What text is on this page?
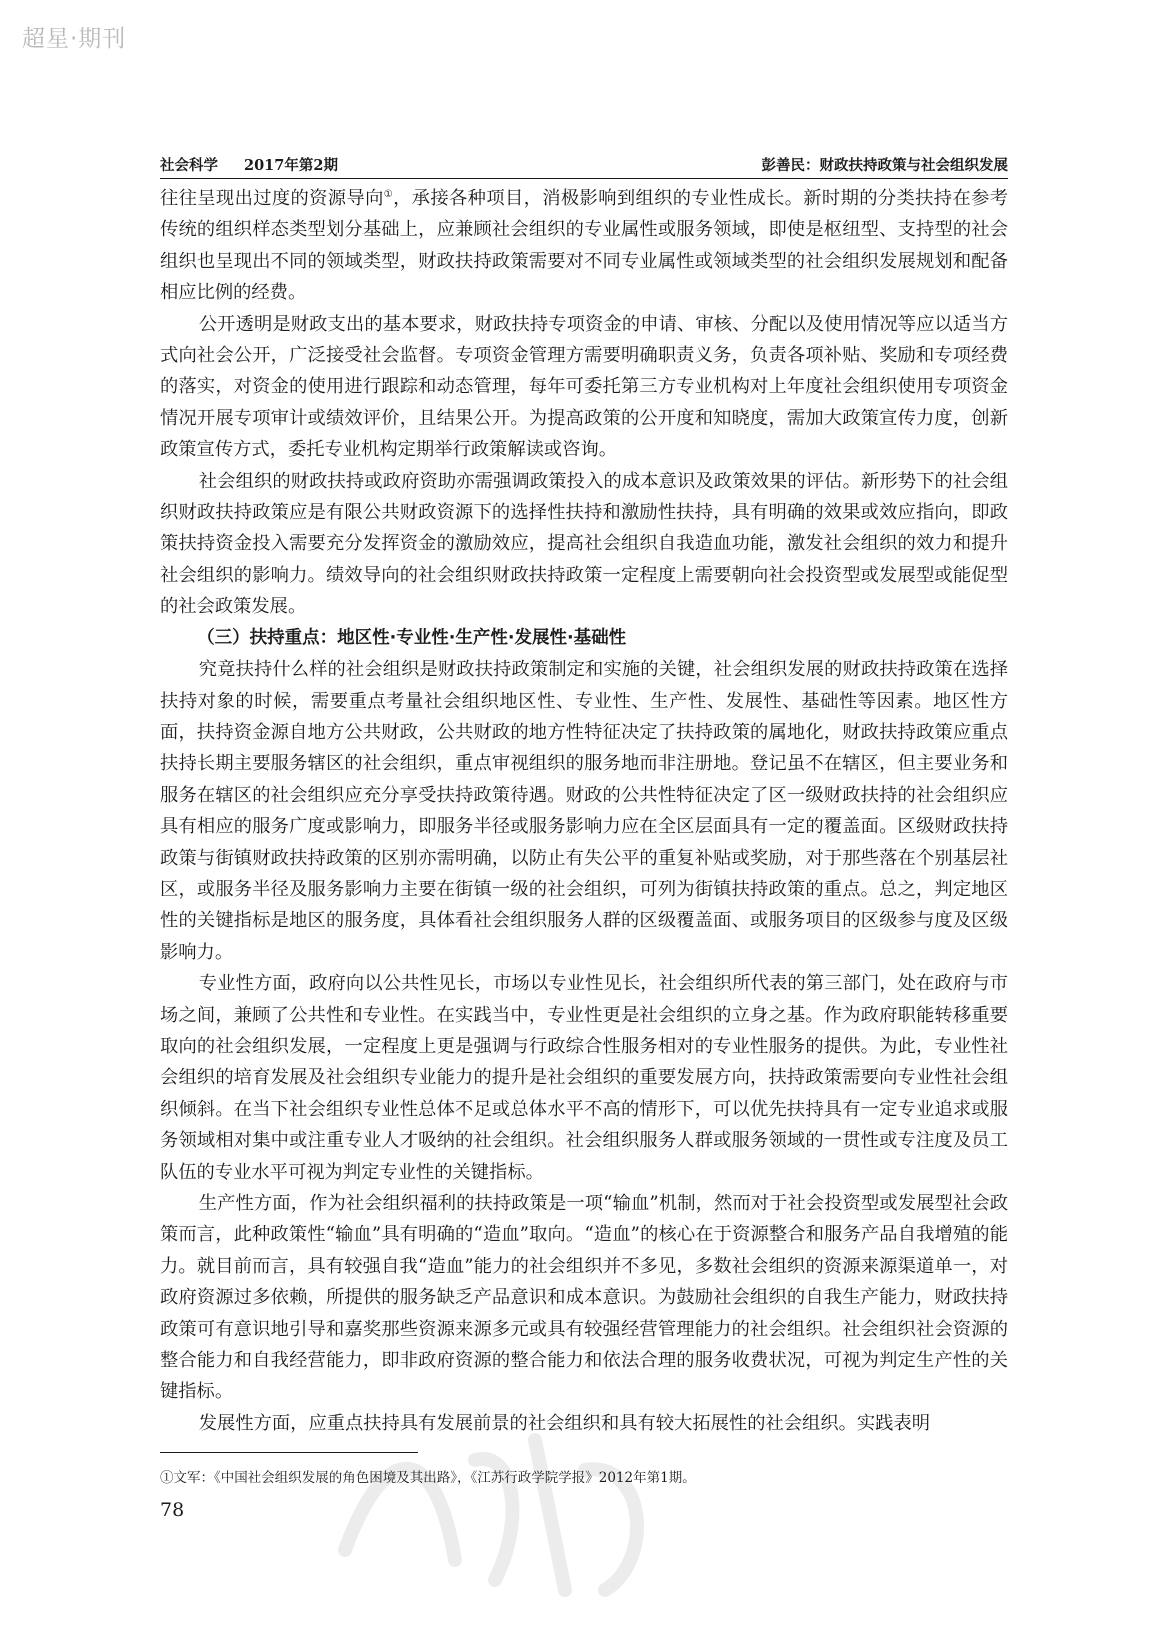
超星·期刊
社会科学 2017年第2期	彭善民：财政扶持政策与社会组织发展

往往呈现出过度的资源导向①，承接各种项目，消极影响到组织的专业性成长。新时期的分类扶持在参考传统的组织样态类型划分基础上，应兼顾社会组织的专业属性或服务领域，即使是枢纽型、支持型的社会组织也呈现出不同的领域类型，财政扶持政策需要对不同专业属性或领域类型的社会组织发展规划和配备相应比例的经费。

公开透明是财政支出的基本要求，财政扶持专项资金的申请、审核、分配以及使用情况等应以适当方式向社会公开，广泛接受社会监督。专项资金管理方需要明确职责义务，负责各项补贴、奖励和专项经费的落实，对资金的使用进行跟踪和动态管理，每年可委托第三方专业机构对上年度社会组织使用专项资金情况开展专项审计或绩效评价，且结果公开。为提高政策的公开度和知晓度，需加大政策宣传力度，创新政策宣传方式，委托专业机构定期举行政策解读或咨询。

社会组织的财政扶持或政府资助亦需强调政策投入的成本意识及政策效果的评估。新形势下的社会组织财政扶持政策应是有限公共财政资源下的选择性扶持和激励性扶持，具有明确的效果或效应指向，即政策扶持资金投入需要充分发挥资金的激励效应，提高社会组织自我造血功能，激发社会组织的效力和提升社会组织的影响力。绩效导向的社会组织财政扶持政策一定程度上需要朝向社会投资型或发展型或能促型的社会政策发展。

（三）扶持重点：地区性·专业性·生产性·发展性·基础性

究竟扶持什么样的社会组织是财政扶持政策制定和实施的关键，社会组织发展的财政扶持政策在选择扶持对象的时候，需要重点考量社会组织地区性、专业性、生产性、发展性、基础性等因素。地区性方面，扶持资金源自地方公共财政，公共财政的地方性特征决定了扶持政策的属地化，财政扶持政策应重点扶持长期主要服务辖区的社会组织，重点审视组织的服务地而非注册地。登记虽不在辖区，但主要业务和服务在辖区的社会组织应充分享受扶持政策待遇。财政的公共性特征决定了区一级财政扶持的社会组织应具有相应的服务广度或影响力，即服务半径或服务影响力应在全区层面具有一定的覆盖面。区级财政扶持政策与街镇财政扶持政策的区别亦需明确，以防止有失公平的重复补贴或奖励，对于那些落在个别基层社区，或服务半径及服务影响力主要在街镇一级的社会组织，可列为街镇扶持政策的重点。总之，判定地区性的关键指标是地区的服务度，具体看社会组织服务人群的区级覆盖面、或服务项目的区级参与度及区级影响力。

专业性方面，政府向以公共性见长，市场以专业性见长，社会组织所代表的第三部门，处在政府与市场之间，兼顾了公共性和专业性。在实践当中，专业性更是社会组织的立身之基。作为政府职能转移重要取向的社会组织发展，一定程度上更是强调与行政综合性服务相对的专业性服务的提供。为此，专业性社会组织的培育发展及社会组织专业能力的提升是社会组织的重要发展方向，扶持政策需要向专业性社会组织倾斜。在当下社会组织专业性总体不足或总体水平不高的情形下，可以优先扶持具有一定专业追求或服务领域相对集中或注重专业人才吸纳的社会组织。社会组织服务人群或服务领域的一贯性或专注度及员工队伍的专业水平可视为判定专业性的关键指标。

生产性方面，作为社会组织福利的扶持政策是一项“输血”机制，然而对于社会投资型或发展型社会政策而言，此种政策性“输血”具有明确的“造血”取向。“造血”的核心在于资源整合和服务产品自我增殖的能力。就目前而言，具有较强自我“造血”能力的社会组织并不多见，多数社会组织的资源来源渠道单一，对政府资源过多依赖，所提供的服务缺乏产品意识和成本意识。为鼓励社会组织的自我生产能力，财政扶持政策可有意识地引导和嘉奖那些资源来源多元或具有较强经营管理能力的社会组织。社会组织社会资源的整合能力和自我经营能力，即非政府资源的整合能力和依法合理的服务收费状况，可视为判定生产性的关键指标。

发展性方面，应重点扶持具有发展前景的社会组织和具有较大拓展性的社会组织。实践表明

①文军：《中国社会组织发展的角色困境及其出路》，《江苏行政学院学报》2012年第1期。
78
